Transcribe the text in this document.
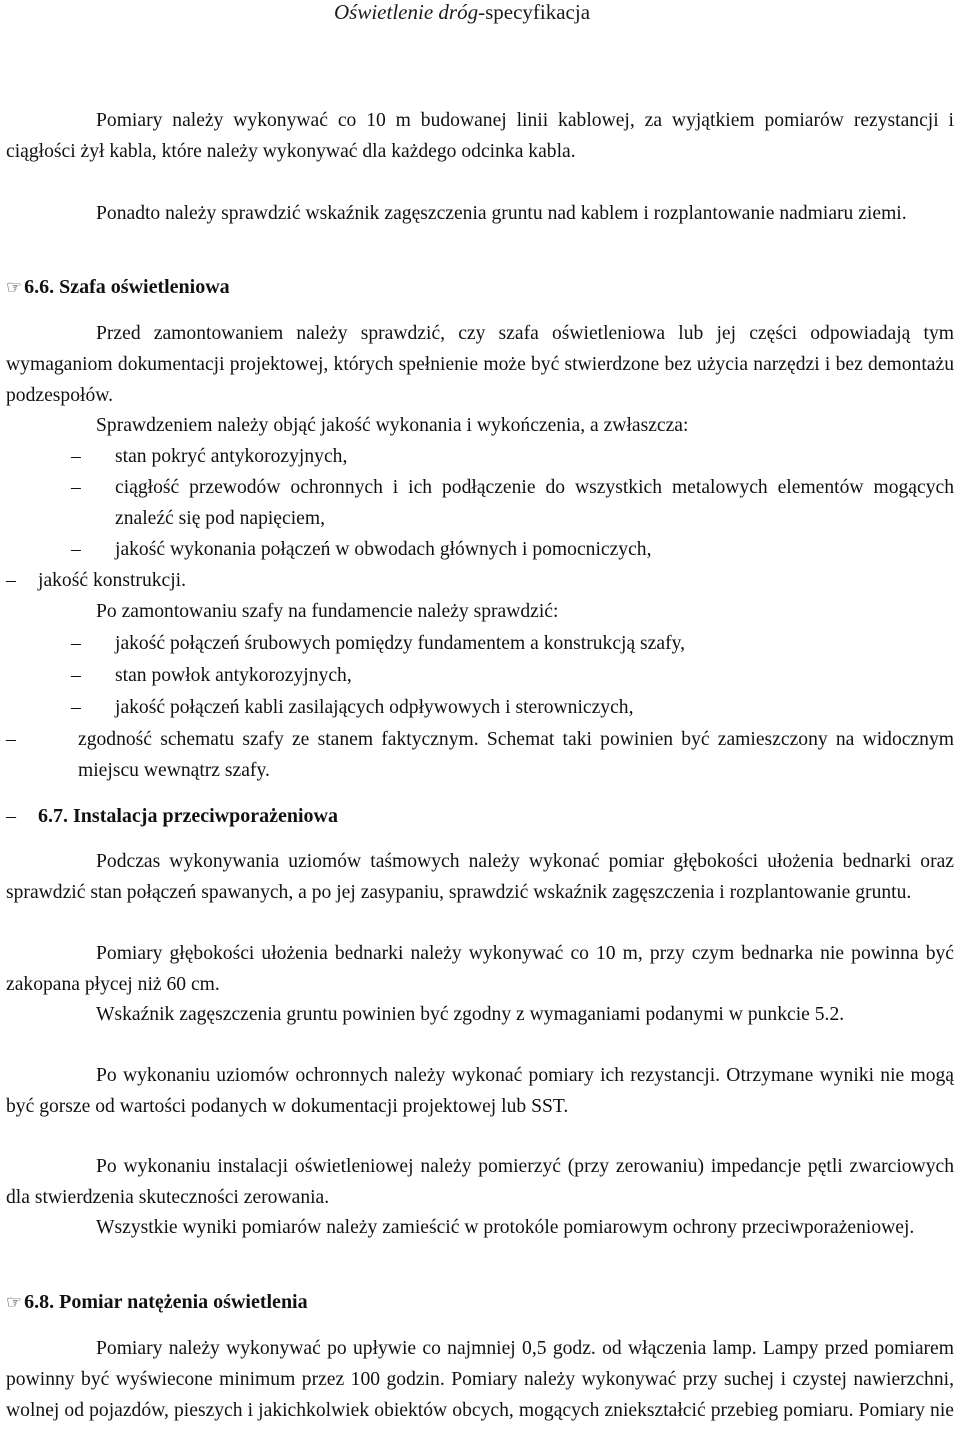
Oświetlenie dróg-specyfikacja
Pomiary należy wykonywać co 10 m budowanej linii kablowej, za wyjątkiem pomiarów rezystancji i ciągłości żył kabla, które należy wykonywać dla każdego odcinka kabla.
Ponadto należy sprawdzić wskaźnik zagęszczenia gruntu nad kablem i rozplantowanie nadmiaru ziemi.
☞ 6.6. Szafa oświetleniowa
Przed zamontowaniem należy sprawdzić, czy szafa oświetleniowa lub jej części odpowiadają tym wymaganiom dokumentacji projektowej, których spełnienie może być stwierdzone bez użycia narzędzi i bez demontażu podzespołów.
Sprawdzeniem należy objąć jakość wykonania i wykończenia, a zwłaszcza:
– stan pokryć antykorozyjnych,
– ciągłość przewodów ochronnych i ich podłączenie do wszystkich metalowych elementów mogących znaleźć się pod napięciem,
– jakość wykonania połączeń w obwodach głównych i pomocniczych,
– jakość konstrukcji.
Po zamontowaniu szafy na fundamencie należy sprawdzić:
– jakość połączeń śrubowych pomiędzy fundamentem a konstrukcją szafy,
– stan powłok antykorozyjnych,
– jakość połączeń kabli zasilających odpływowych i sterowniczych,
–	zgodność schematu szafy ze stanem faktycznym. Schemat taki powinien być zamieszczony na widocznym miejscu wewnątrz szafy.
– 6.7. Instalacja przeciwporażeniowa
Podczas wykonywania uziomów taśmowych należy wykonać pomiar głębokości ułożenia bednarki oraz sprawdzić stan połączeń spawanych, a po jej zasypaniu, sprawdzić wskaźnik zagęszczenia i rozplantowanie gruntu.
Pomiary głębokości ułożenia bednarki należy wykonywać co 10 m, przy czym bednarka nie powinna być zakopana płycej niż 60 cm.
Wskaźnik zagęszczenia gruntu powinien być zgodny z wymaganiami podanymi w punkcie 5.2.
Po wykonaniu uziomów ochronnych należy wykonać pomiary ich rezystancji. Otrzymane wyniki nie mogą być gorsze od wartości podanych w dokumentacji projektowej lub SST.
Po wykonaniu instalacji oświetleniowej należy pomierzyć (przy zerowaniu) impedancje pętli zwarciowych dla stwierdzenia skuteczności zerowania.
Wszystkie wyniki pomiarów należy zamieścić w protokóle pomiarowym ochrony przeciwporażeniowej.
☞ 6.8. Pomiar natężenia oświetlenia
Pomiary należy wykonywać po upływie co najmniej 0,5 godz. od włączenia lamp. Lampy przed pomiarem powinny być wyświecone minimum przez 100 godzin. Pomiary należy wykonywać przy suchej i czystej nawierzchni, wolnej od pojazdów, pieszych i jakichkolwiek obiektów obcych, mogących zniekształcić przebieg pomiaru. Pomiary nie
